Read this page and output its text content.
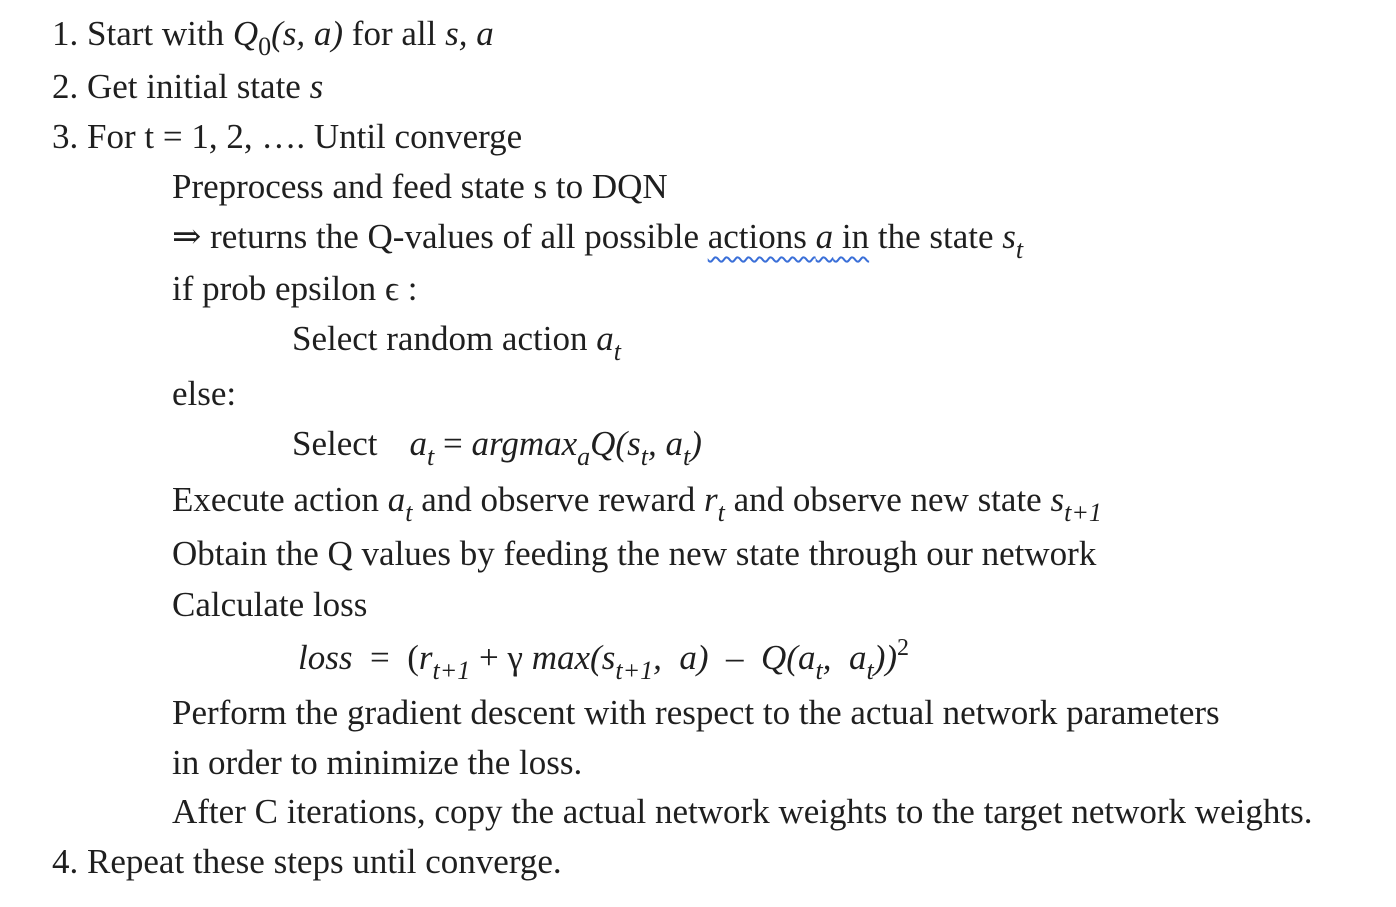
1. Start with $Q_0(s$, a) for all s, a
2. Get initial state s
3. For t = 1, 2, …. Until converge
Preprocess and feed state s to DQN
⇒ returns the Q-values of all possible actions a in the state $s_t$
if prob epsilon ϵ :
Select random action $a_t$
else:
Select $a_t = argmax_aQ(s_t$, $a_t$)
Execute action $a_t$ and observe reward $r_t$ and observe new state $s_{t+1}$
Obtain the Q values by feeding the new state through our network
Calculate loss
loss  =  ($r_{t+1} + \gamma$ $\max(s_{t+1}$,  $a) - Q(a_t$,  $a_t))^2$
Perform the gradient descent with respect to the actual network parameters
in order to minimize the loss.
After C iterations, copy the actual network weights to the target network weights.
4. Repeat these steps until converge.
